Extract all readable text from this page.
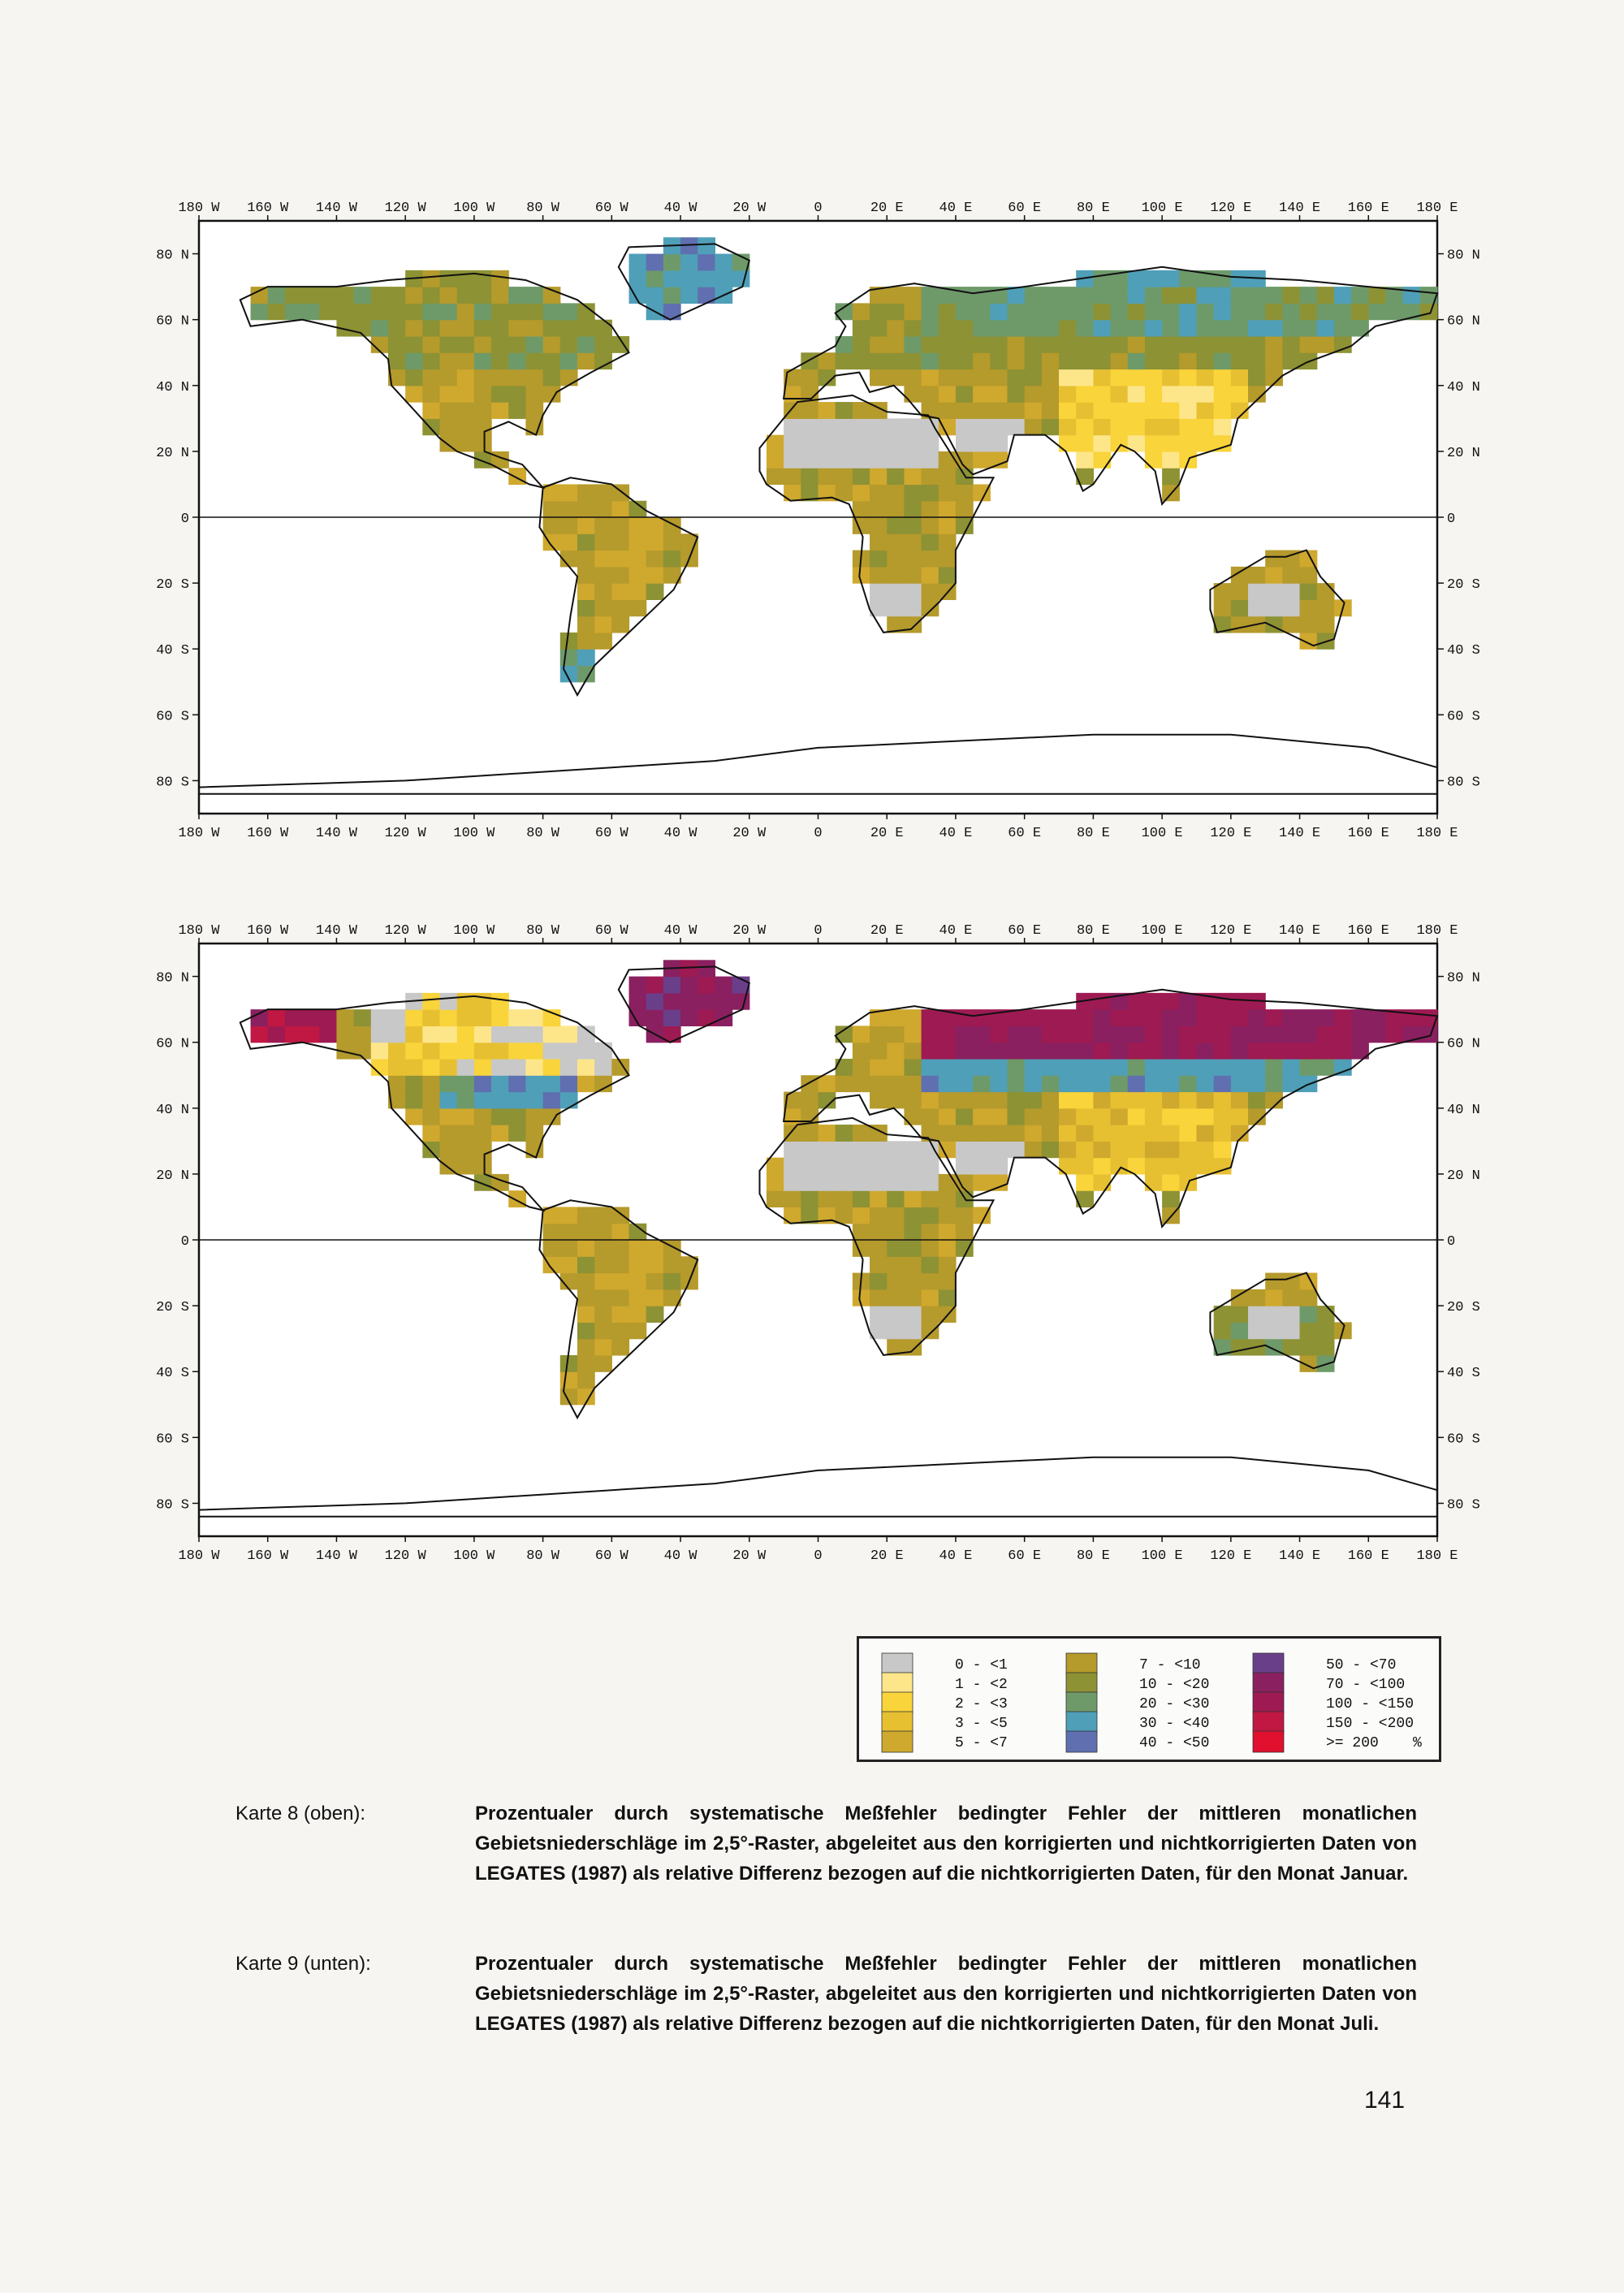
180 W
180 W
160 W
160 W
140 W
140 W
120 W
120 W
100 W
100 W
80 W
80 W
60 W
60 W
40 W
40 W
20 W
20 W
0
0
20 E
20 E
40 E
40 E
60 E
60 E
80 E
80 E
100 E
100 E
120 E
120 E
140 E
140 E
160 E
160 E
180 E
180 E
80 N
60 N
40 N
20 N
0
20 S
40 S
60 S
80 S
80 N
60 N
40 N
20 N
0
20 S
40 S
60 S
80 S
180 W
180 W
160 W
160 W
140 W
140 W
120 W
120 W
100 W
100 W
80 W
80 W
60 W
60 W
40 W
40 W
20 W
20 W
0
0
20 E
20 E
40 E
40 E
60 E
60 E
80 E
80 E
100 E
100 E
120 E
120 E
140 E
140 E
160 E
160 E
180 E
180 E
80 N
60 N
40 N
20 N
0
20 S
40 S
60 S
80 S
80 N
60 N
40 N
20 N
0
20 S
40 S
60 S
80 S
0 - <1
1 - <2
2 - <3
3 - <5
5 - <7
7 - <10
10 - <20
20 - <30
30 - <40
40 - <50
50 - <70
70 - <100
100 - <150
150 - <200
>= 200 %
Karte 8 (oben):	Prozentualer durch systematische Meßfehler bedingter Fehler der mittleren monatlichen Gebietsniederschläge im 2,5°-Raster, abgeleitet aus den korrigierten und nichtkorrigierten Daten von LEGATES (1987) als relative Differenz bezogen auf die nichtkorrigierten Daten, für den Monat Januar.
Karte 9 (unten):	Prozentualer durch systematische Meßfehler bedingter Fehler der mittleren monatlichen Gebietsniederschläge im 2,5°-Raster, abgeleitet aus den korrigierten und nichtkorrigierten Daten von LEGATES (1987) als relative Differenz bezogen auf die nichtkorrigierten Daten, für den Monat Juli.
141
